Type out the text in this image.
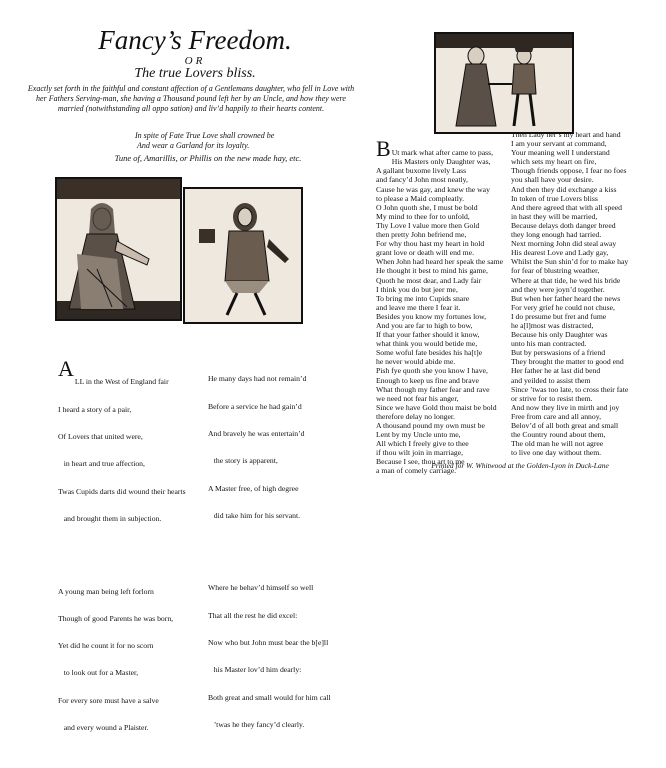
Fancy’s Freedom.
OR
The true Lovers bliss.
Exactly set forth in the faithful and constant affection of a Gentlemans daughter, who fell in Love with her Fathers Serving-man, she having a Thousand pound left her by an Uncle, and how they were married (notwithstanding all oppo sation) and liv’d happily to their hearts content.
In spite of Fate True Love shall crowned be
And wear a Garland for its loyalty.
Tune of, Amarillis, or Phillis on the new made hay, etc.

A

LL in the West of England fair

I heard a story of a pair,

Of Lovers that united were,

in heart and true affection,

Twas Cupids darts did wound their hearts

and brought them in subjection.

A young man being left forlorn

Though of good Parents he was born,

Yet did he count it for no scorn

to look out for a Master,

For every sore must have a salve

and every wound a Plaister.

He many days had not remain’d

Before a service he had gain’d

And bravely he was entertain’d

the story is apparent,

A Master free, of high degree

did take him for his servant.

Where he behav’d himself so well

That all the rest he did excel:

Now who but John must bear the b[e]ll

his Master lov’d him dearly:

Both great and small would for him call

’twas he they fancy’d clearly.

B Ut mark what after came to pass,
His Masters only Daughter was,
A gallant buxome lively Lass
and fancy’d John most neatly,
Cause he was gay, and knew the way
to please a Maid compleatly.
O John quoth she, I must be bold
My mind to thee for to unfold,
Thy Love I value more then Gold
then pretty John befriend me,
For why thou hast my heart in hold
grant love or death will end me.
When John had heard her speak the same
He thought it best to mind his game,
Quoth he most dear, and Lady fair
I think you do but jeer me,
To bring me into Cupids snare
and leave me there I fear it.
Besides you know my fortunes low,
And you are far to high to bow,
If that your father should it know,
what think you would betide me,
Some woful fate besides his ha[t]e
he never would abide me.
Pish fye quoth she you know I have,
Enough to keep us fine and brave
What though my father fear and rave
we need not fear his anger,
Since we have Gold thou maist be bold
therefore delay no longer.
A thousand pound my own must be
Lent by my Uncle unto me,
All which I freely give to thee
if thou wilt join in marriage,
Because I see, thou art to me
a man of comely carriage.
Then Lady her’s my heart and hand
I am your servant at command,
Your meaning well I understand
which sets my heart on fire,
Though friends oppose, I fear no foes
you shall have your desire.
And then they did exchange a kiss
In token of true Lovers bliss
And there agreed that with all speed
in hast they will be married,
Because delays doth danger breed
they long enough had tarried.
Next morning John did steal away
His dearest Love and Lady gay,
Whilst the Sun shin’d for to make hay
for fear of blustring weather,
Where at that tide, he wed his bride
and they were joyn’d together.
But when her father heard the news
For very grief he could not chuse,
I do presume but fret and fume
he a[l]most was distracted,
Because his only Daughter was
unto his man contracted.
But by perswasions of a friend
They brought the matter to good end
Her father he at last did bend
and yeilded to assist them
Since ’twas too late, to cross their fate
or strive for to resist them.
And now they live in mirth and joy
Free from care and all annoy,
Belov’d of all both great and small
the Country round about them,
The old man he will not agree
to live one day without them.
Printed for W. Whitwood at the Golden-Lyon in Duck-Lane
